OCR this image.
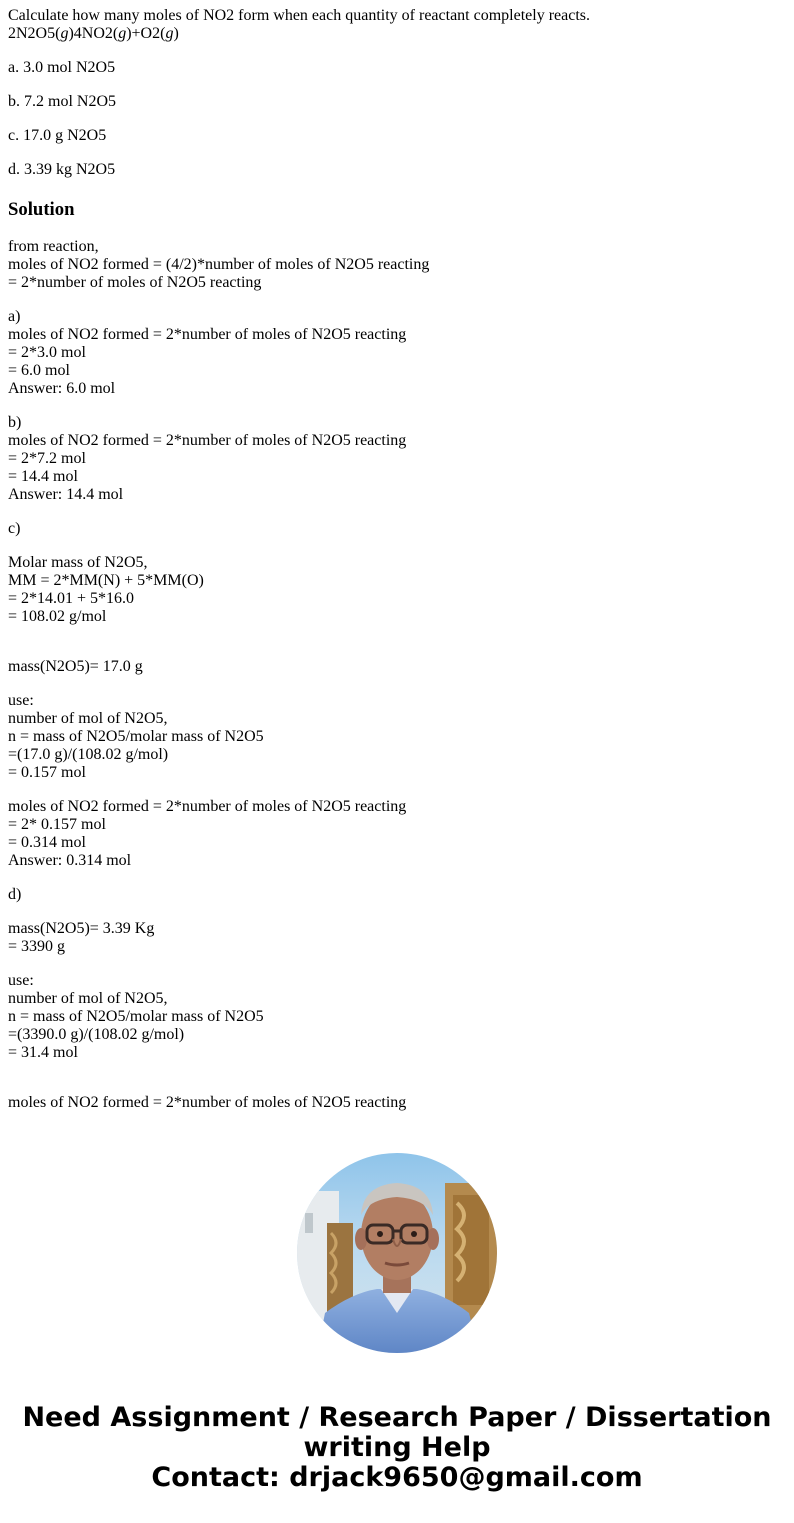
Calculate how many moles of NO2 form when each quantity of reactant completely reacts.
2N2O5(g)4NO2(g)+O2(g)
a. 3.0 mol N2O5
b. 7.2 mol N2O5
c. 17.0 g N2O5
d. 3.39 kg N2O5
Solution
from reaction,
moles of NO2 formed = (4/2)*number of moles of N2O5 reacting
= 2*number of moles of N2O5 reacting
a)
moles of NO2 formed = 2*number of moles of N2O5 reacting
= 2*3.0 mol
= 6.0 mol
Answer: 6.0 mol
b)
moles of NO2 formed = 2*number of moles of N2O5 reacting
= 2*7.2 mol
= 14.4 mol
Answer: 14.4 mol
c)
Molar mass of N2O5,
MM = 2*MM(N) + 5*MM(O)
= 2*14.01 + 5*16.0
= 108.02 g/mol
mass(N2O5)= 17.0 g
use:
number of mol of N2O5,
n = mass of N2O5/molar mass of N2O5
=(17.0 g)/(108.02 g/mol)
= 0.157 mol
moles of NO2 formed = 2*number of moles of N2O5 reacting
= 2* 0.157 mol
= 0.314 mol
Answer: 0.314 mol
d)
mass(N2O5)= 3.39 Kg
= 3390 g
use:
number of mol of N2O5,
n = mass of N2O5/molar mass of N2O5
=(3390.0 g)/(108.02 g/mol)
= 31.4 mol
moles of NO2 formed = 2*number of moles of N2O5 reacting
Need Assignment / Research Paper / Dissertation
writing Help
Contact: drjack9650@gmail.com
